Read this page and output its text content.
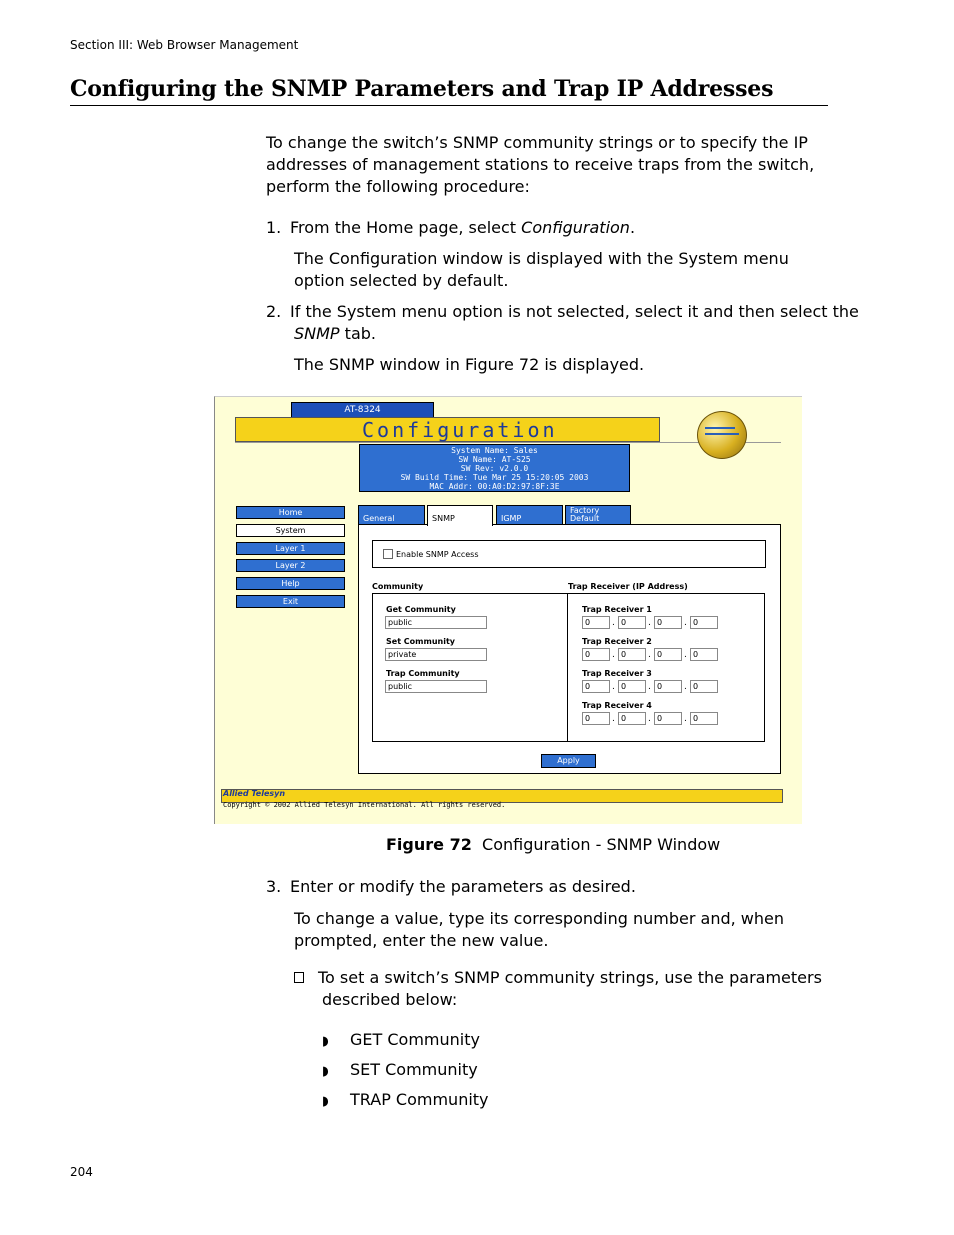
Section III: Web Browser Management
Configuring the SNMP Parameters and Trap IP Addresses
To change the switch’s SNMP community strings or to specify the IP
addresses of management stations to receive traps from the switch,
perform the following procedure:
1. From the Home page, select Configuration.
The Configuration window is displayed with the System menu
option selected by default.
2. If the System menu option is not selected, select it and then select the
SNMP tab.
The SNMP window in Figure 72 is displayed.
AT-8324
Configuration
System Name: Sales
SW Name: AT-S25
SW Rev: v2.0.0
SW Build Time: Tue Mar 25 15:20:05 2003
MAC Addr: 00:A0:D2:97:8F:3E
Home
System
Layer 1
Layer 2
Help
Exit
General	SNMP	IGMP
Factory
Default
Enable SNMP Access
Community	Trap Receiver (IP Address)
Get Community
public
Set Community
private
Trap Community
public
Trap Receiver 1
0	. 0	. 0	. 0
Trap Receiver 2
0	. 0	. 0	. 0
Trap Receiver 3
0	. 0	. 0	. 0
Trap Receiver 4
0	. 0	. 0	. 0
Apply
Allied Telesyn
Copyright © 2002 Allied Telesyn International. All rights reserved.
Figure 72 Configuration - SNMP Window
3. Enter or modify the parameters as desired.
To change a value, type its corresponding number and, when
prompted, enter the new value.
To set a switch’s SNMP community strings, use the parameters
described below:
◗ GET Community
◗ SET Community
◗ TRAP Community
204
